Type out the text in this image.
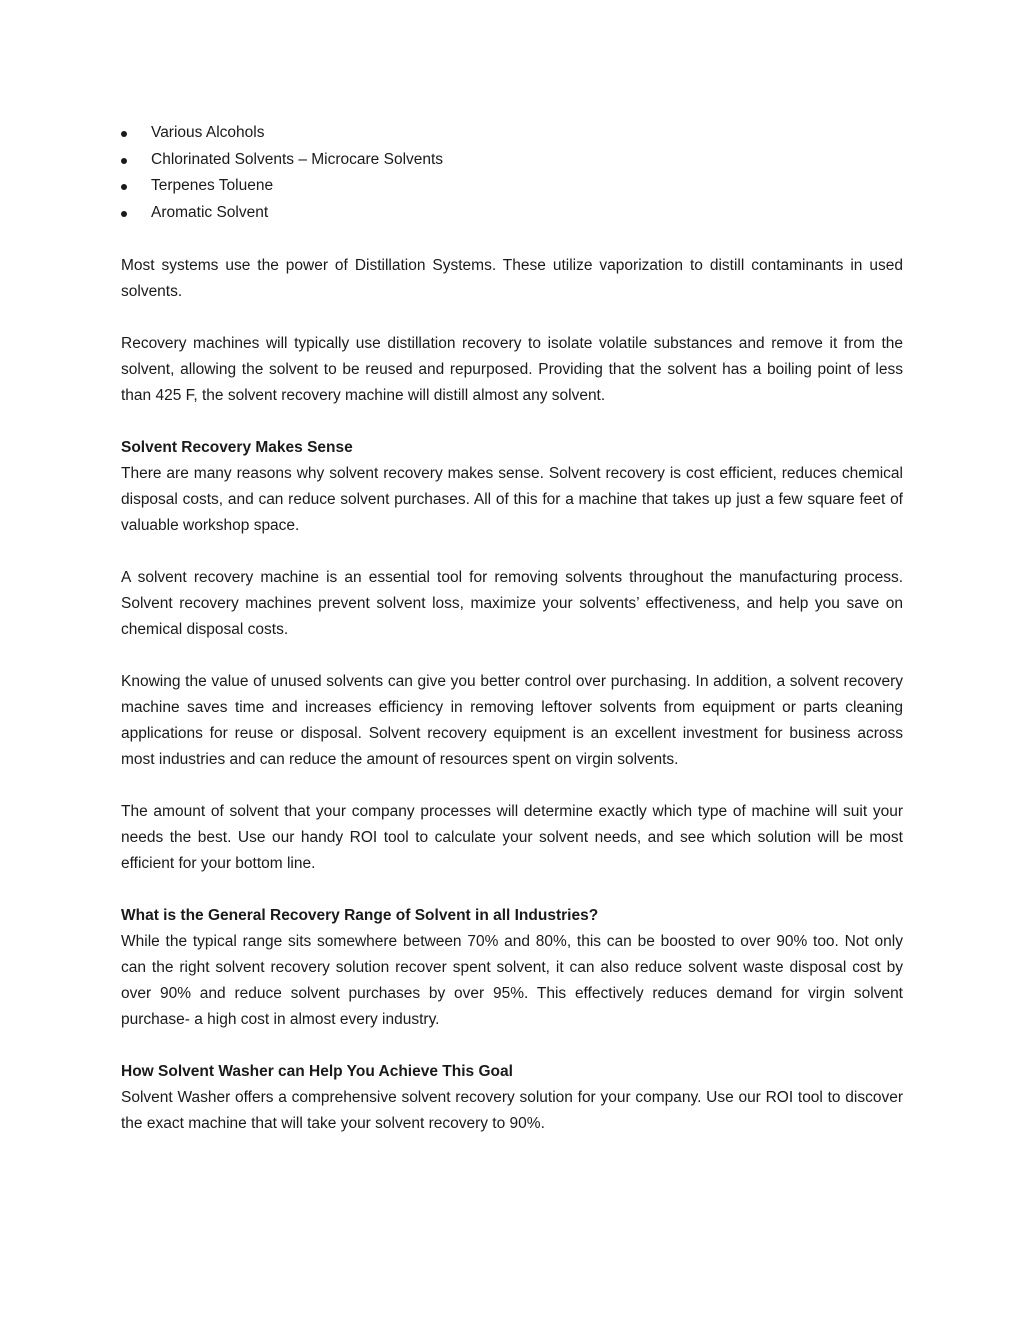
Various Alcohols
Chlorinated Solvents – Microcare Solvents
Terpenes Toluene
Aromatic Solvent

Most systems use the power of Distillation Systems. These utilize vaporization to distill contaminants in used solvents.

Recovery machines will typically use distillation recovery to isolate volatile substances and remove it from the solvent, allowing the solvent to be reused and repurposed. Providing that the solvent has a boiling point of less than 425 F, the solvent recovery machine will distill almost any solvent.

Solvent Recovery Makes Sense

There are many reasons why solvent recovery makes sense. Solvent recovery is cost efficient, reduces chemical disposal costs, and can reduce solvent purchases. All of this for a machine that takes up just a few square feet of valuable workshop space.

A solvent recovery machine is an essential tool for removing solvents throughout the manufacturing process. Solvent recovery machines prevent solvent loss, maximize your solvents’ effectiveness, and help you save on chemical disposal costs.

Knowing the value of unused solvents can give you better control over purchasing. In addition, a solvent recovery machine saves time and increases efficiency in removing leftover solvents from equipment or parts cleaning applications for reuse or disposal. Solvent recovery equipment is an excellent investment for business across most industries and can reduce the amount of resources spent on virgin solvents.

The amount of solvent that your company processes will determine exactly which type of machine will suit your needs the best. Use our handy ROI tool to calculate your solvent needs, and see which solution will be most efficient for your bottom line.

What is the General Recovery Range of Solvent in all Industries?

While the typical range sits somewhere between 70% and 80%, this can be boosted to over 90% too. Not only can the right solvent recovery solution recover spent solvent, it can also reduce solvent waste disposal cost by over 90% and reduce solvent purchases by over 95%. This effectively reduces demand for virgin solvent purchase- a high cost in almost every industry.

How Solvent Washer can Help You Achieve This Goal

Solvent Washer offers a comprehensive solvent recovery solution for your company. Use our ROI tool to discover the exact machine that will take your solvent recovery to 90%.
